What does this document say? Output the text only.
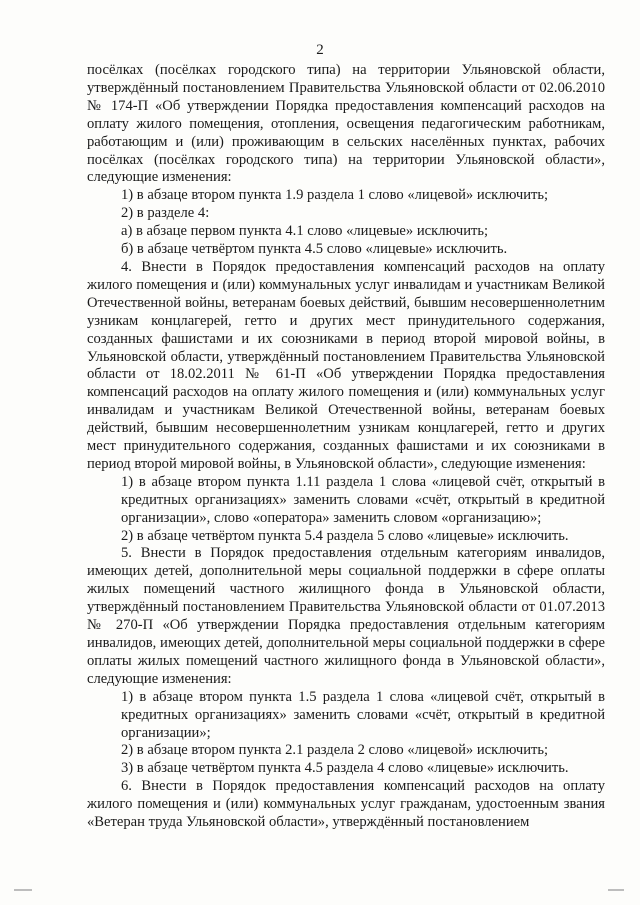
2

посёлках (посёлках городского типа) на территории Ульяновской области, утверждённый постановлением Правительства Ульяновской области от 02.06.2010 № 174-П «Об утверждении Порядка предоставления компенсаций расходов на оплату жилого помещения, отопления, освещения педагогическим работникам, работающим и (или) проживающим в сельских населённых пунктах, рабочих посёлках (посёлках городского типа) на территории Ульяновской области», следующие изменения:

1) в абзаце втором пункта 1.9 раздела 1 слово «лицевой» исключить;

2) в разделе 4:

а) в абзаце первом пункта 4.1 слово «лицевые» исключить;

б) в абзаце четвёртом пункта 4.5 слово «лицевые» исключить.

4. Внести в Порядок предоставления компенсаций расходов на оплату жилого помещения и (или) коммунальных услуг инвалидам и участникам Великой Отечественной войны, ветеранам боевых действий, бывшим несовершеннолетним узникам концлагерей, гетто и других мест принудительного содержания, созданных фашистами и их союзниками в период второй мировой войны, в Ульяновской области, утверждённый постановлением Правительства Ульяновской области от 18.02.2011 № 61-П «Об утверждении Порядка предоставления компенсаций расходов на оплату жилого помещения и (или) коммунальных услуг инвалидам и участникам Великой Отечественной войны, ветеранам боевых действий, бывшим несовершеннолетним узникам концлагерей, гетто и других мест принудительного содержания, созданных фашистами и их союзниками в период второй мировой войны, в Ульяновской области», следующие изменения:

1) в абзаце втором пункта 1.11 раздела 1 слова «лицевой счёт, открытый в кредитных организациях» заменить словами «счёт, открытый в кредитной организации», слово «оператора» заменить словом «организацию»;

2) в абзаце четвёртом пункта 5.4 раздела 5 слово «лицевые» исключить.

5. Внести в Порядок предоставления отдельным категориям инвалидов, имеющих детей, дополнительной меры социальной поддержки в сфере оплаты жилых помещений частного жилищного фонда в Ульяновской области, утверждённый постановлением Правительства Ульяновской области от 01.07.2013 № 270-П «Об утверждении Порядка предоставления отдельным категориям инвалидов, имеющих детей, дополнительной меры социальной поддержки в сфере оплаты жилых помещений частного жилищного фонда в Ульяновской области», следующие изменения:

1) в абзаце втором пункта 1.5 раздела 1 слова «лицевой счёт, открытый в кредитных организациях» заменить словами «счёт, открытый в кредитной организации»;

2) в абзаце втором пункта 2.1 раздела 2 слово «лицевой» исключить;

3) в абзаце четвёртом пункта 4.5 раздела 4 слово «лицевые» исключить.

6. Внести в Порядок предоставления компенсаций расходов на оплату жилого помещения и (или) коммунальных услуг гражданам, удостоенным звания «Ветеран труда Ульяновской области», утверждённый постановлением
